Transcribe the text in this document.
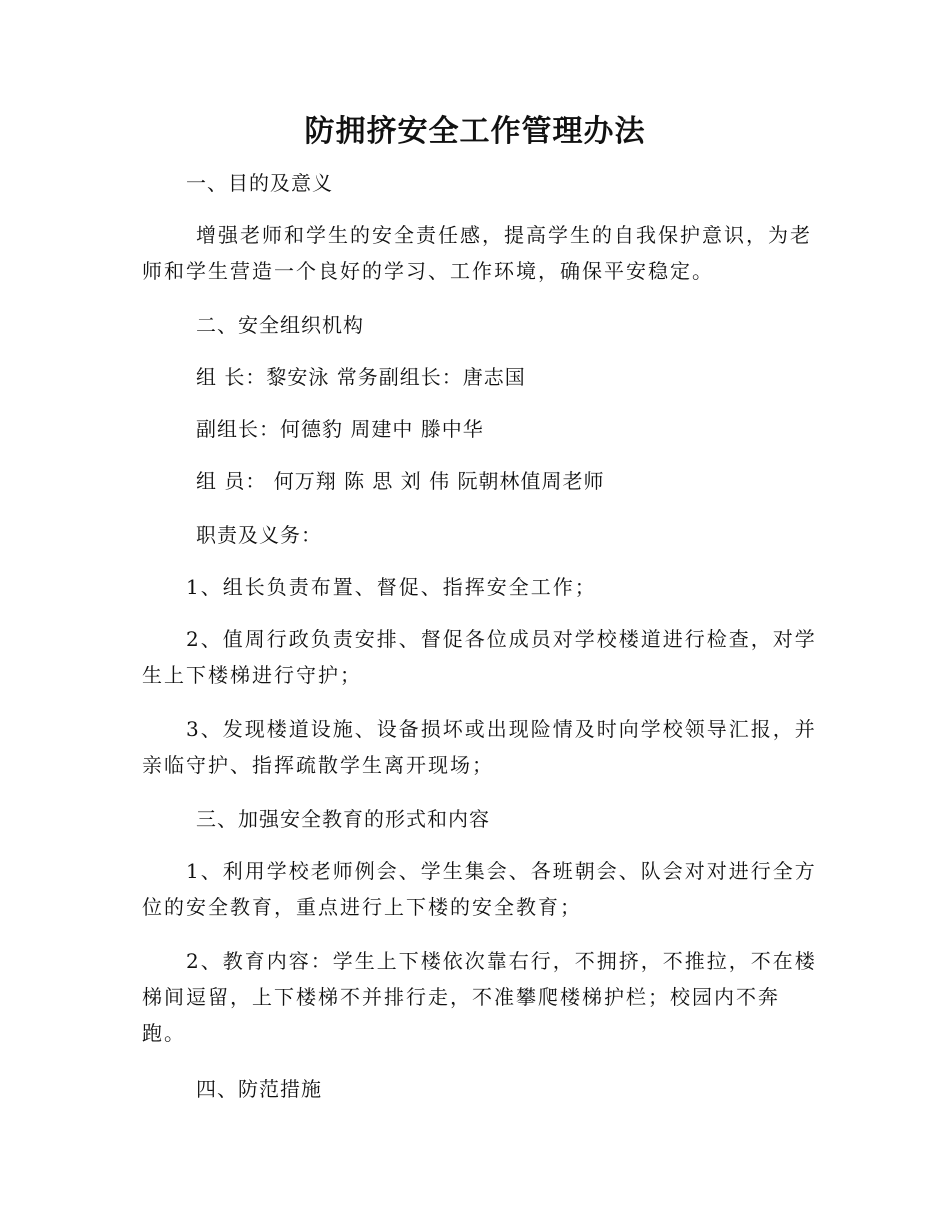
防拥挤安全工作管理办法
一、目的及意义
增强老师和学生的安全责任感，提高学生的自我保护意识，为老
师和学生营造一个良好的学习、工作环境，确保平安稳定。
二、安全组织机构
组 长：黎安泳 常务副组长：唐志国
副组长：何德豹 周建中 滕中华
组 员： 何万翔 陈 思 刘 伟 阮朝林值周老师
职责及义务：
1、组长负责布置、督促、指挥安全工作；
2、值周行政负责安排、督促各位成员对学校楼道进行检查，对学
生上下楼梯进行守护；
3、发现楼道设施、设备损坏或出现险情及时向学校领导汇报，并
亲临守护、指挥疏散学生离开现场；
三、加强安全教育的形式和内容
1、利用学校老师例会、学生集会、各班朝会、队会对对进行全方
位的安全教育，重点进行上下楼的安全教育；
2、教育内容：学生上下楼依次靠右行，不拥挤，不推拉，不在楼
梯间逗留，上下楼梯不并排行走，不准攀爬楼梯护栏；校园内不奔
跑。
四、防范措施
